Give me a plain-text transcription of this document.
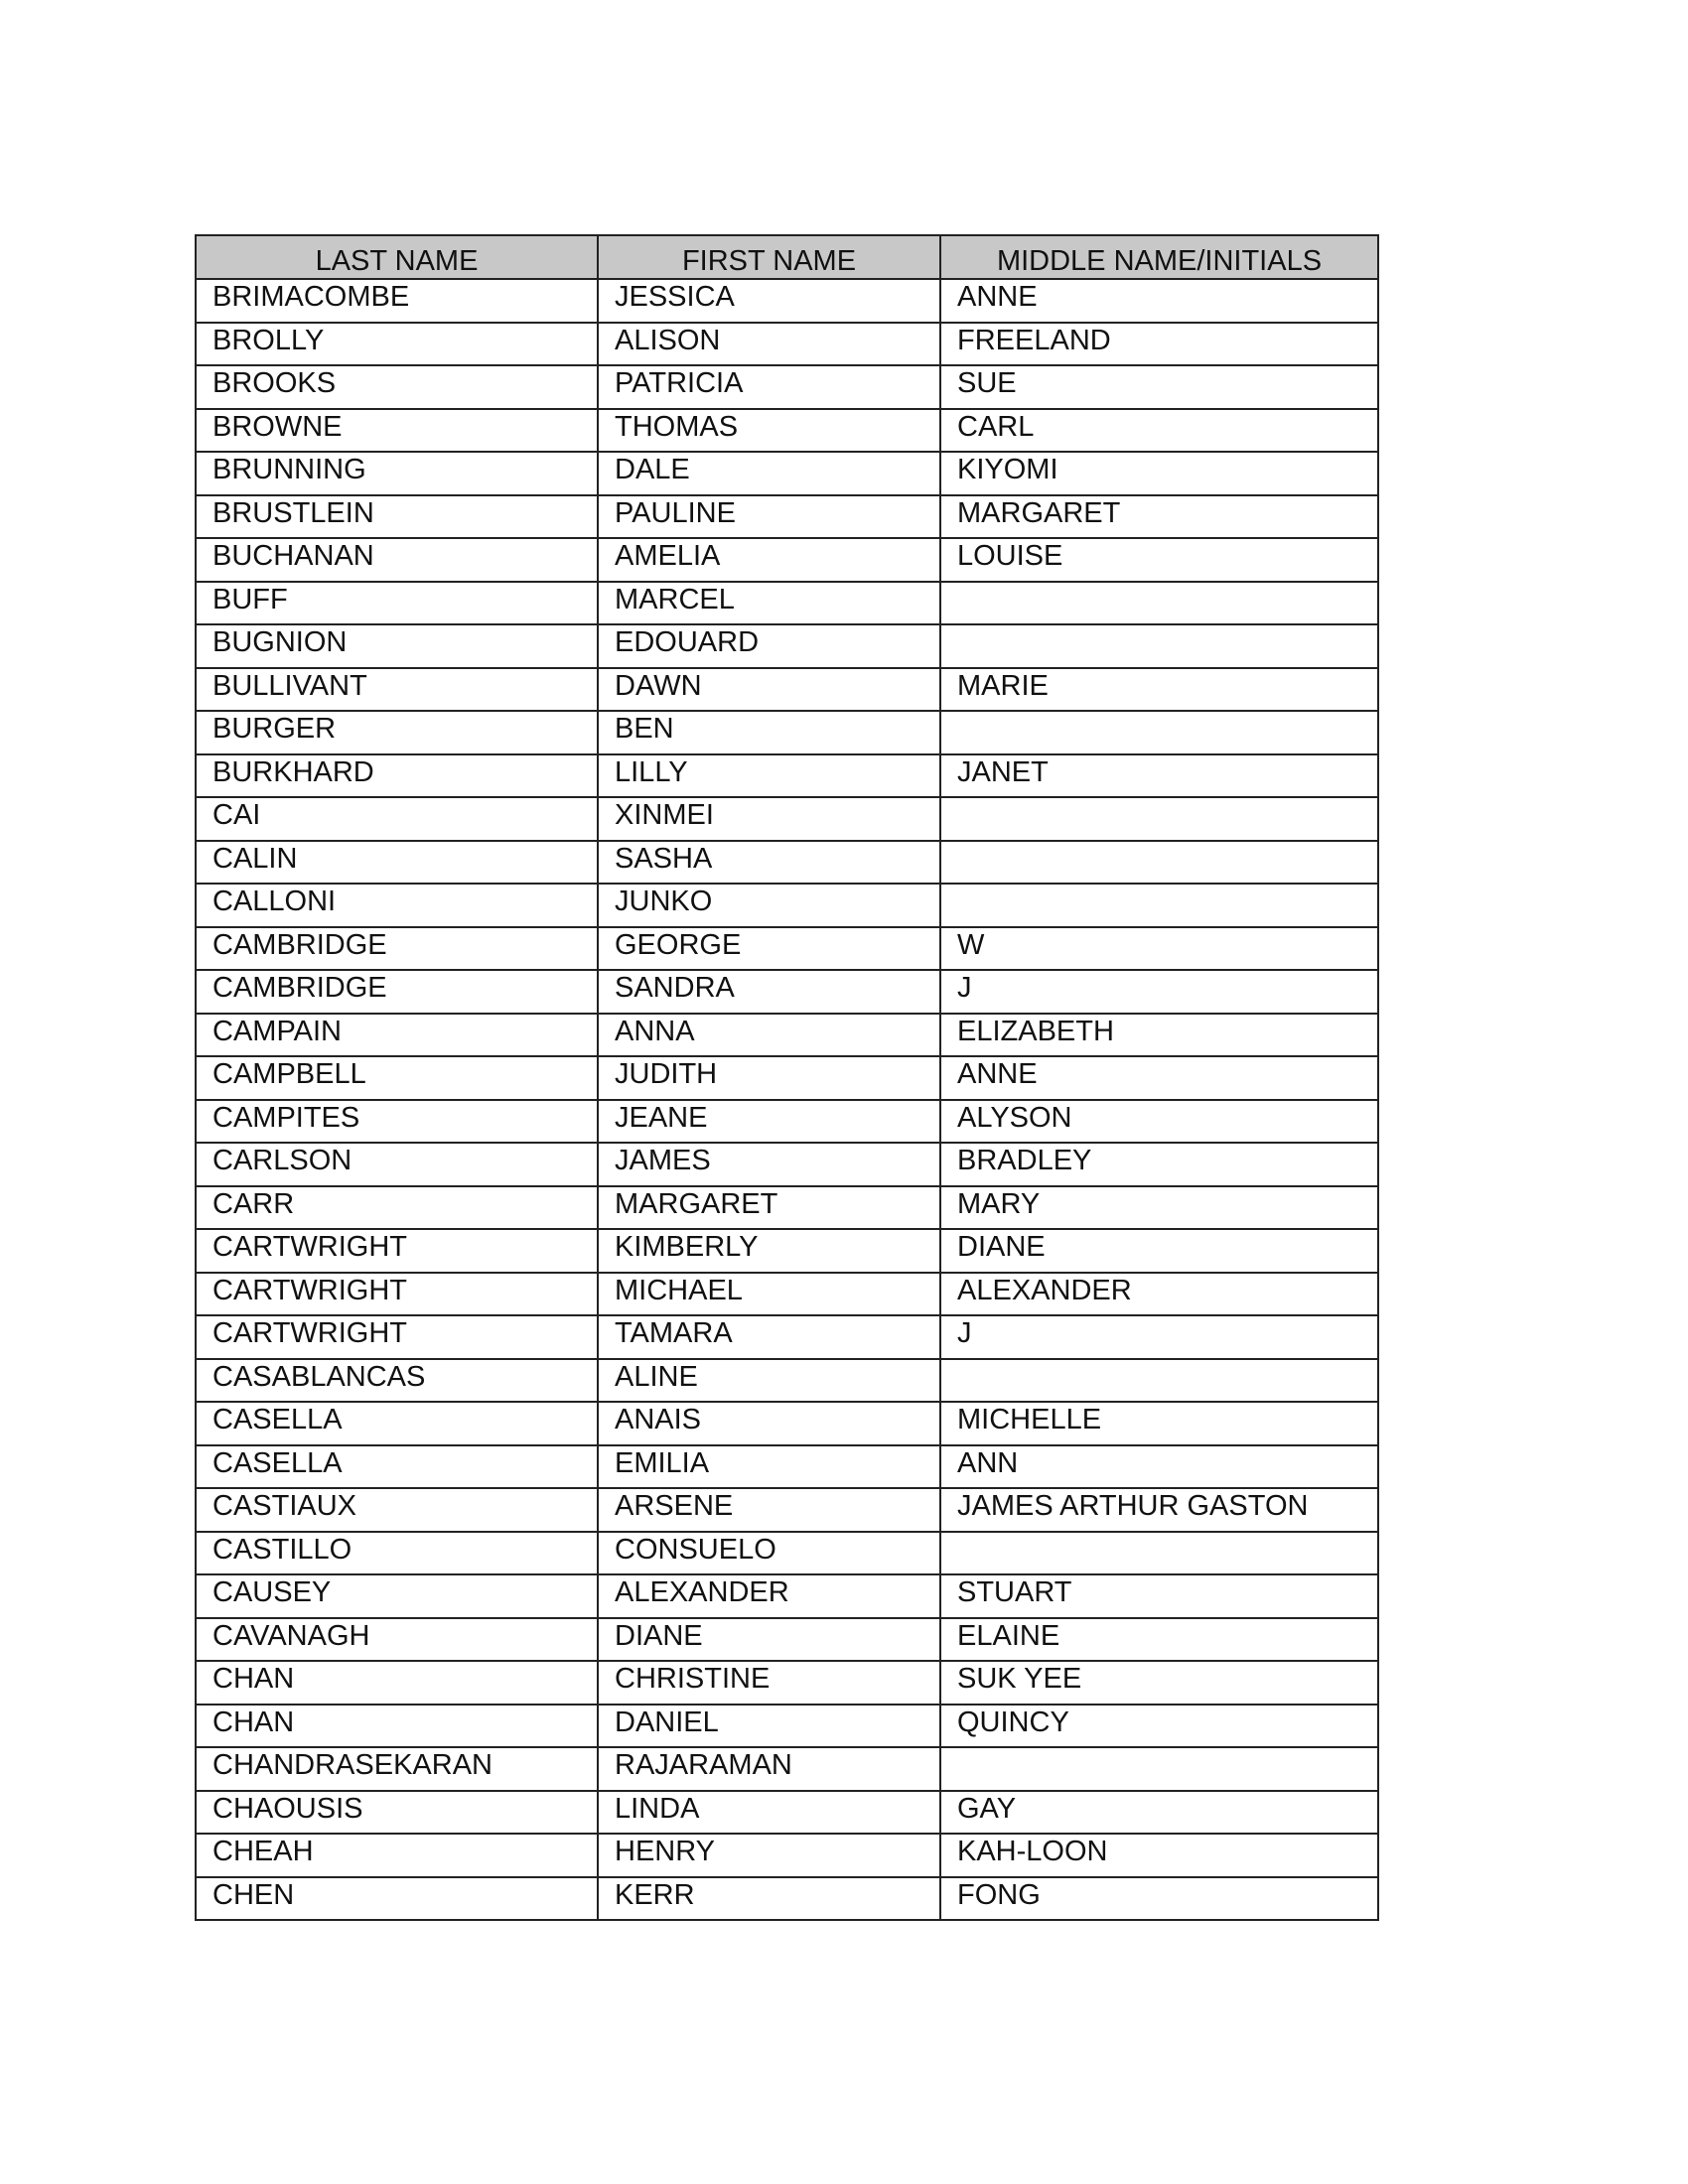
LAST NAME	FIRST NAME	MIDDLE NAME/INITIALS
BRIMACOMBE	JESSICA	ANNE
BROLLY	ALISON	FREELAND
BROOKS	PATRICIA	SUE
BROWNE	THOMAS	CARL
BRUNNING	DALE	KIYOMI
BRUSTLEIN	PAULINE	MARGARET
BUCHANAN	AMELIA	LOUISE
BUFF	MARCEL	
BUGNION	EDOUARD	
BULLIVANT	DAWN	MARIE
BURGER	BEN	
BURKHARD	LILLY	JANET
CAI	XINMEI	
CALIN	SASHA	
CALLONI	JUNKO	
CAMBRIDGE	GEORGE	W
CAMBRIDGE	SANDRA	J
CAMPAIN	ANNA	ELIZABETH
CAMPBELL	JUDITH	ANNE
CAMPITES	JEANE	ALYSON
CARLSON	JAMES	BRADLEY
CARR	MARGARET	MARY
CARTWRIGHT	KIMBERLY	DIANE
CARTWRIGHT	MICHAEL	ALEXANDER
CARTWRIGHT	TAMARA	J
CASABLANCAS	ALINE	
CASELLA	ANAIS	MICHELLE
CASELLA	EMILIA	ANN
CASTIAUX	ARSENE	JAMES ARTHUR GASTON
CASTILLO	CONSUELO	
CAUSEY	ALEXANDER	STUART
CAVANAGH	DIANE	ELAINE
CHAN	CHRISTINE	SUK YEE
CHAN	DANIEL	QUINCY
CHANDRASEKARAN	RAJARAMAN	
CHAOUSIS	LINDA	GAY
CHEAH	HENRY	KAH-LOON
CHEN	KERR	FONG
